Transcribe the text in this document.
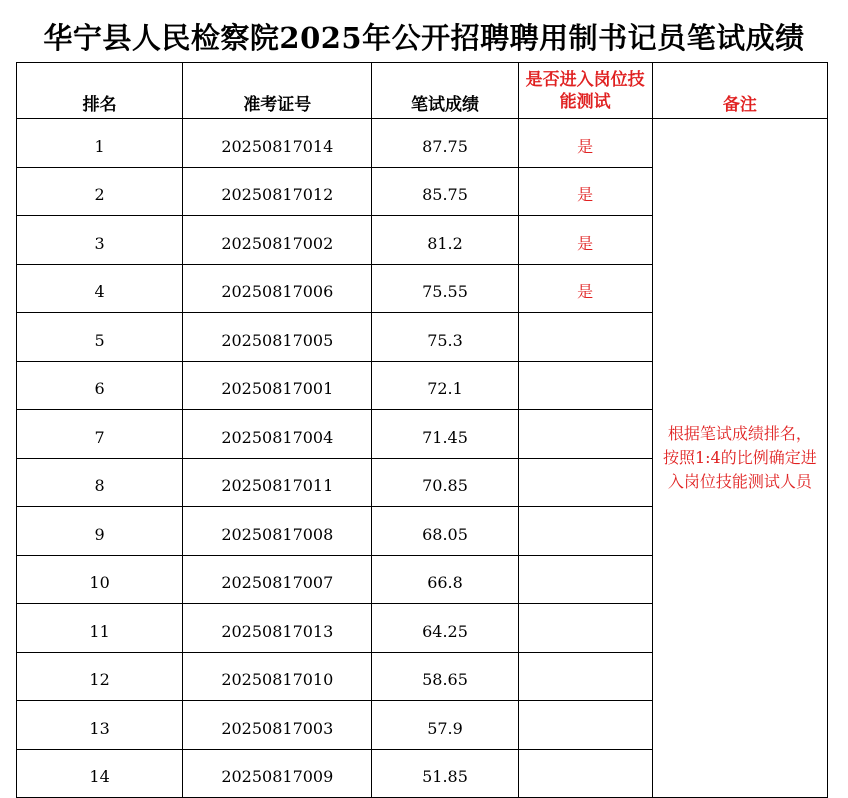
华宁县人民检察院2025年公开招聘聘用制书记员笔试成绩
排名	准考证号	笔试成绩	是否进入岗位技能测试	备注
1	20250817014	87.75	是	根据笔试成绩排名，按照1:4的比例确定进入岗位技能测试人员
2	20250817012	85.75	是	
3	20250817002	81.2	是	
4	20250817006	75.55	是	
5	20250817005	75.3		
6	20250817001	72.1		
7	20250817004	71.45		
8	20250817011	70.85		
9	20250817008	68.05		
10	20250817007	66.8		
11	20250817013	64.25		
12	20250817010	58.65		
13	20250817003	57.9		
14	20250817009	51.85		
